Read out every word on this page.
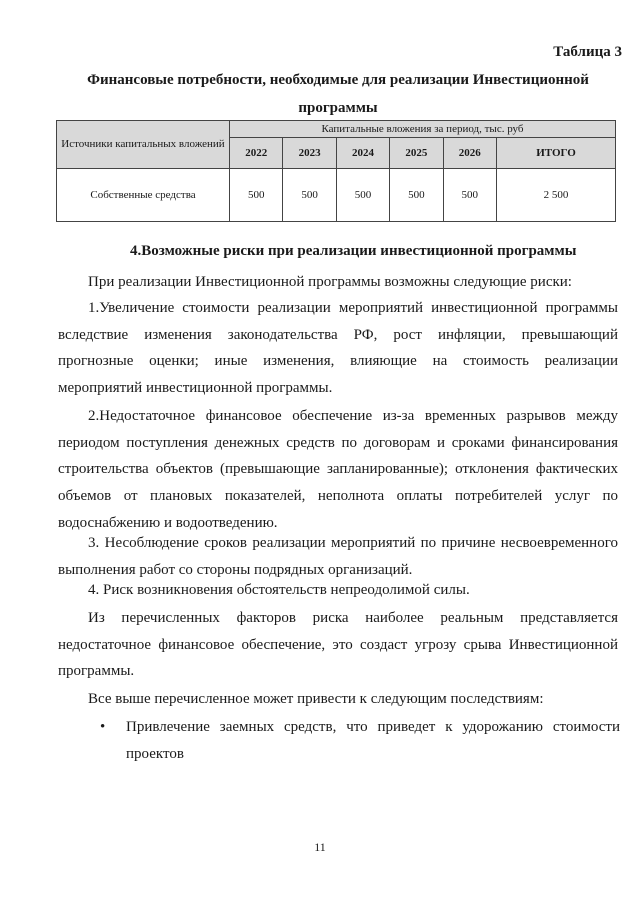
Таблица 3
Финансовые потребности, необходимые для реализации Инвестиционной
программы
Источники капитальных вложений	Капитальные вложения за период, тыс. руб					
	2022	2023	2024	2025	2026	ИТОГО
Собственные средства	500	500	500	500	500	2 500
4.Возможные риски при реализации инвестиционной программы
При реализации Инвестиционной программы возможны следующие риски:
1.Увеличение стоимости реализации мероприятий инвестиционной программы вследствие изменения законодательства РФ, рост инфляции, превышающий прогнозные оценки; иные изменения, влияющие на стоимость реализации мероприятий инвестиционной программы.
2.Недостаточное финансовое обеспечение из-за временных разрывов между периодом поступления денежных средств по договорам и сроками финансирования строительства объектов (превышающие запланированные); отклонения фактических объемов от плановых показателей, неполнота оплаты потребителей услуг по водоснабжению и водоотведению.
3. Несоблюдение сроков реализации мероприятий по причине несвоевременного выполнения работ со стороны подрядных организаций.
4. Риск возникновения обстоятельств непреодолимой силы.
Из перечисленных факторов риска наиболее реальным представляется недостаточное финансовое обеспечение, это создаст угрозу срыва Инвестиционной программы.
Все выше перечисленное может привести к следующим последствиям:
•	Привлечение заемных средств, что приведет к удорожанию стоимости проектов
11
